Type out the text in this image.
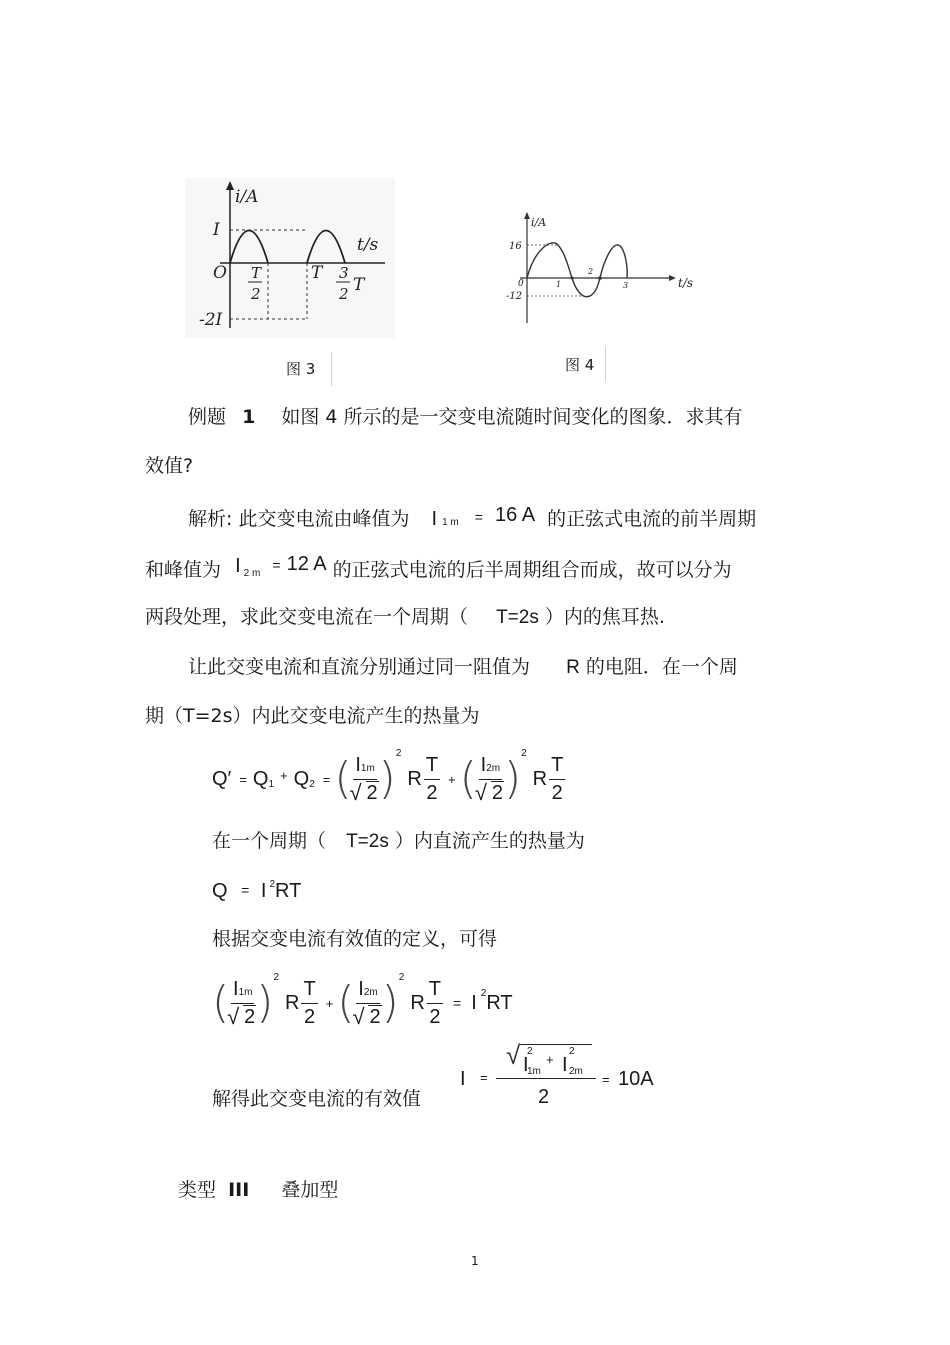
i/A
t/s
I
-2I
O T
2
T 3
2 T
图 3
i/A
t/s
16
-12
0	1
2
3
图 4
例题 1 如图 4 所示的是一交变电流随时间变化的图象．求其有
效值?
解析: 此交变电流由峰值为 I 1 m = 16 A 的正弦式电流的前半周期
和峰值为 I 2 m = 12 A 的正弦式电流的后半周期组合而成，故可以分为
两段处理，求此交变电流在一个周期（ T=2s ）内的焦耳热.
让此交变电流和直流分别通过同一阻值为 R 的电阻．在一个周
期（T=2s）内此交变电流产生的热量为
Q′ = Q 1
+ Q 2 = ( I1m
√ 2 ) 2
R $\frac{T}{2}$ + ( I2m
√ 2 ) 2
R $\frac{T}{2}$
在一个周期（ T=2s ）内直流产生的热量为
Q = I $^2$RT
根据交变电流有效值的定义，可得
( I1m
√ 2 ) 2
R $\frac{T}{2}$ + ( I2m
√ 2 ) 2
R $\frac{T}{2} = I$ 2 RT
解得此交变电流的有效值
I =
√ I
2
1m
+ I
2
2m
2
= 10A
类型 III 叠加型
1
